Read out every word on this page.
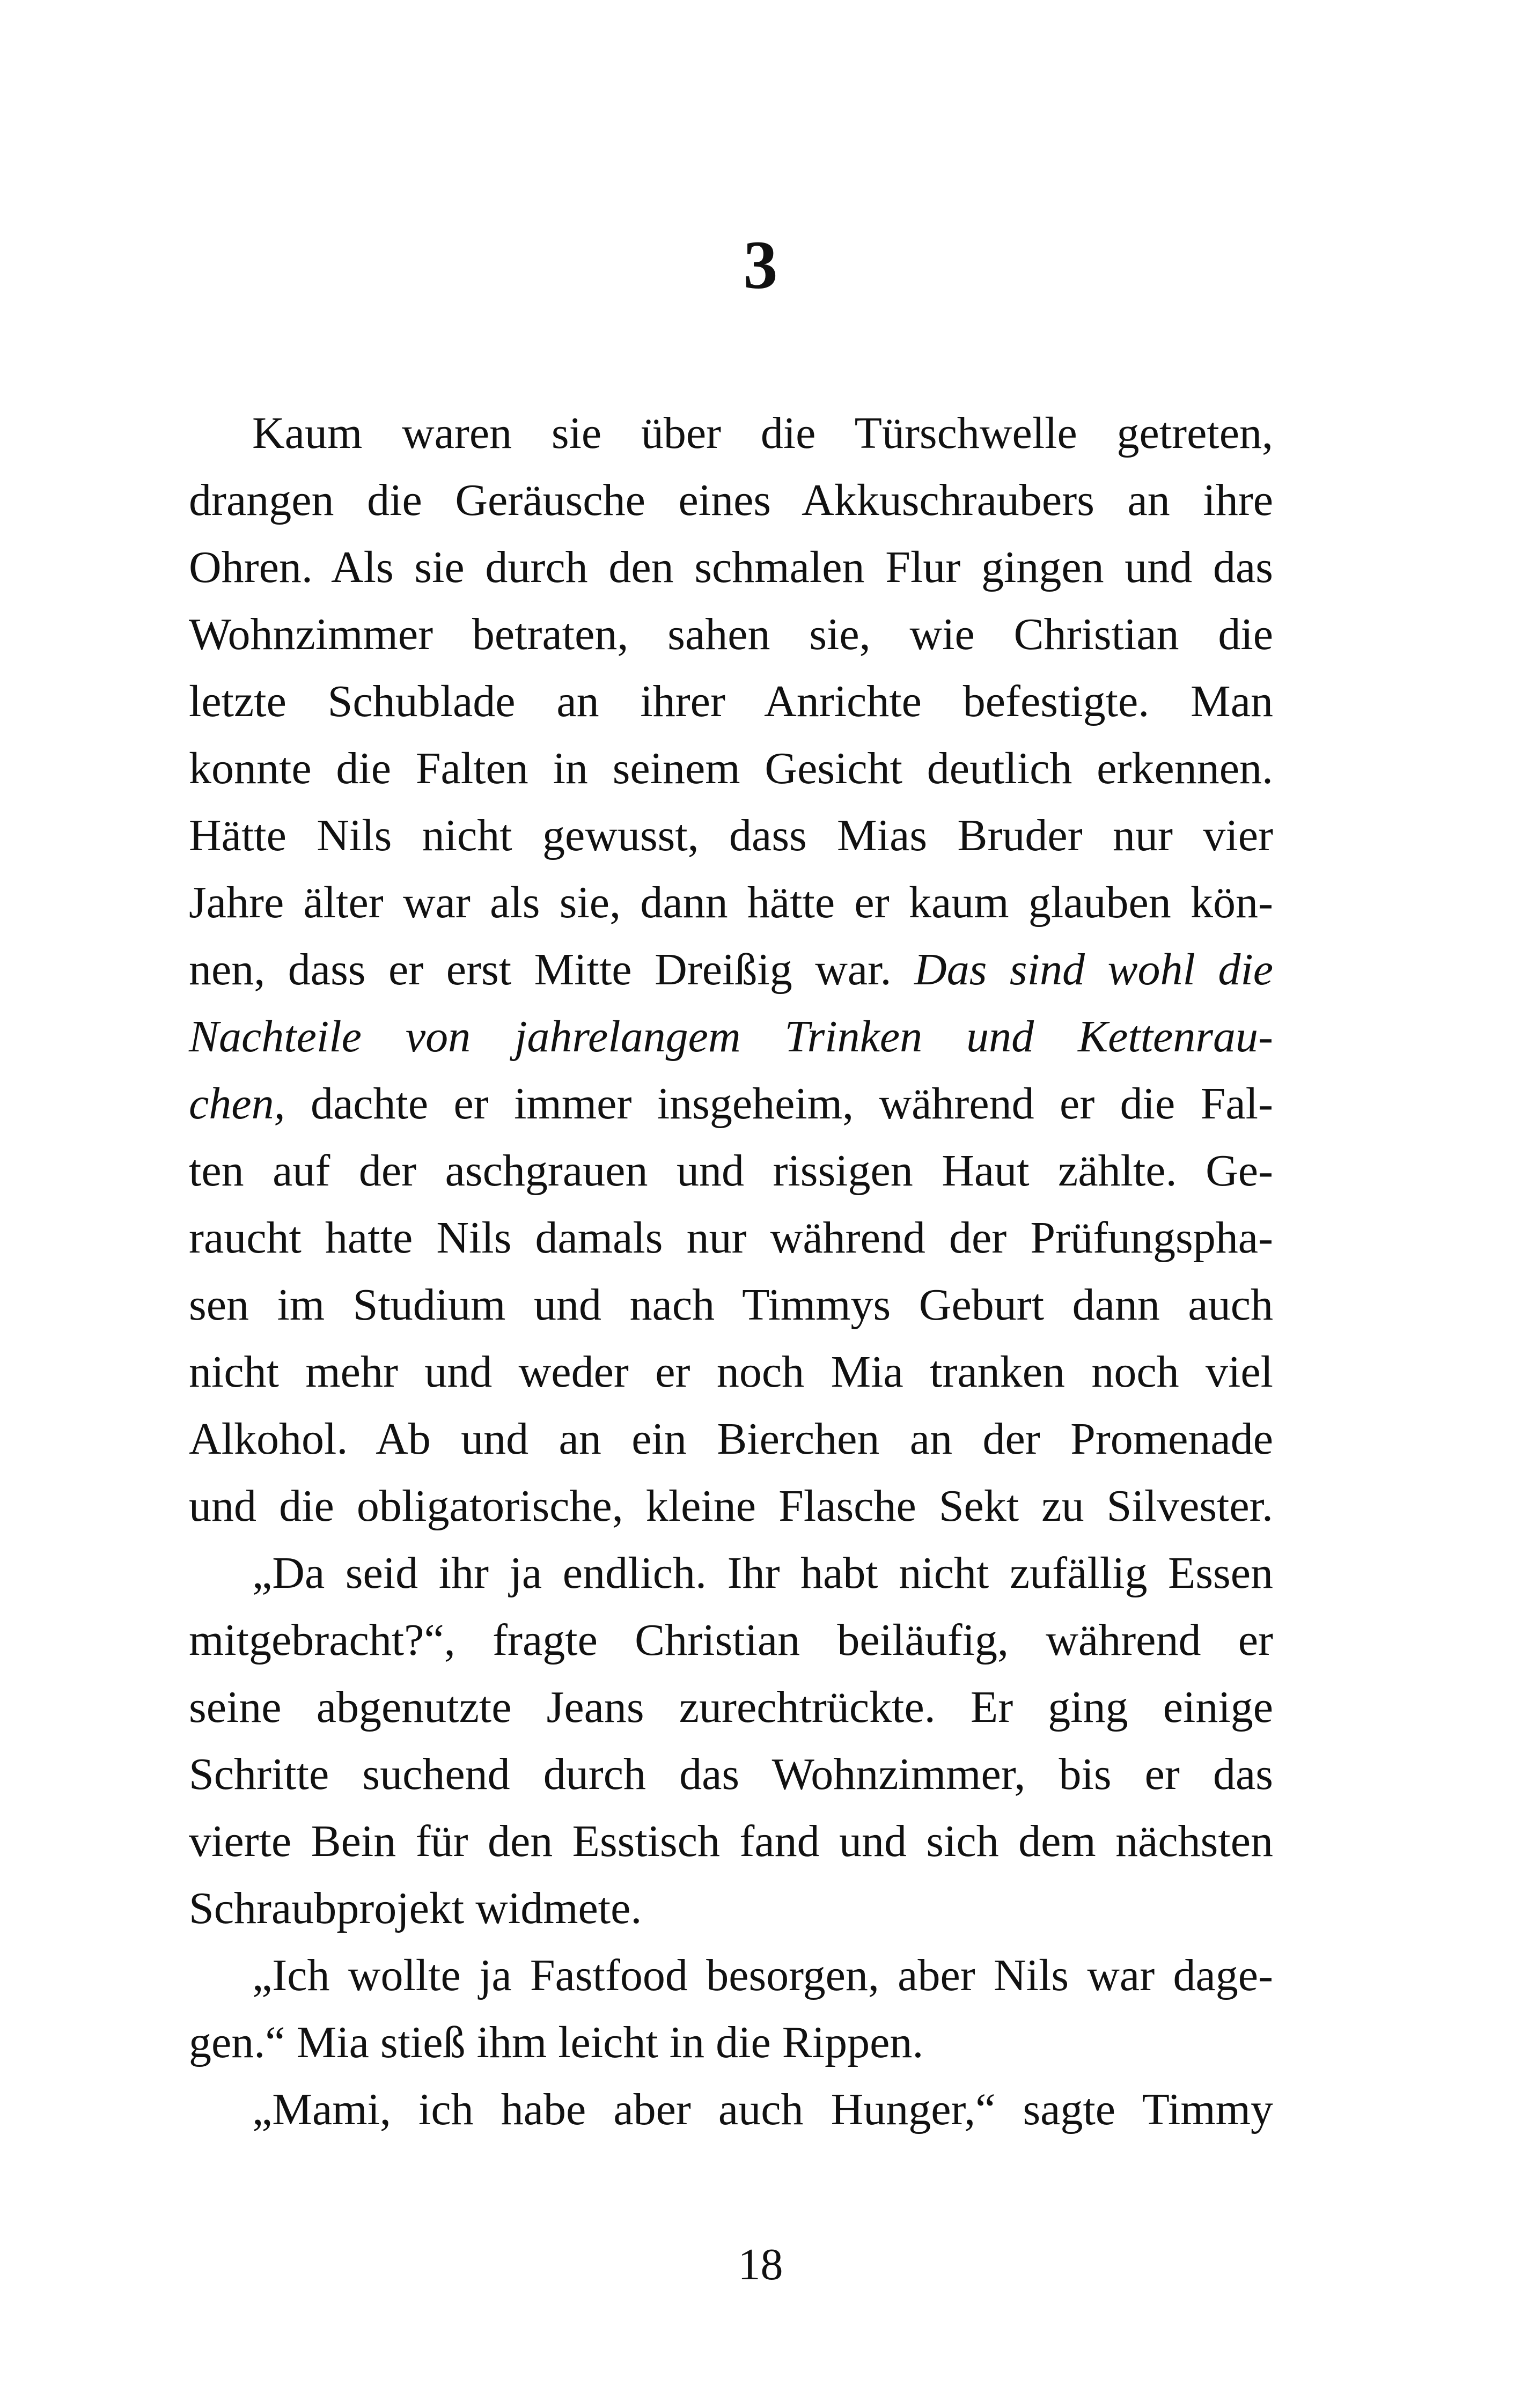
3
Kaum waren sie über die Türschwelle getreten,
drangen die Geräusche eines Akkuschraubers an ihre
Ohren. Als sie durch den schmalen Flur gingen und das
Wohnzimmer betraten, sahen sie, wie Christian die
letzte Schublade an ihrer Anrichte befestigte. Man
konnte die Falten in seinem Gesicht deutlich erkennen.
Hätte Nils nicht gewusst, dass Mias Bruder nur vier
Jahre älter war als sie, dann hätte er kaum glauben kön-
nen, dass er erst Mitte Dreißig war. Das sind wohl die
Nachteile von jahrelangem Trinken und Kettenrau-
chen, dachte er immer insgeheim, während er die Fal-
ten auf der aschgrauen und rissigen Haut zählte. Ge-
raucht hatte Nils damals nur während der Prüfungspha-
sen im Studium und nach Timmys Geburt dann auch
nicht mehr und weder er noch Mia tranken noch viel
Alkohol. Ab und an ein Bierchen an der Promenade
und die obligatorische, kleine Flasche Sekt zu Silvester.
„Da seid ihr ja endlich. Ihr habt nicht zufällig Essen
mitgebracht?“, fragte Christian beiläufig, während er
seine abgenutzte Jeans zurechtrückte. Er ging einige
Schritte suchend durch das Wohnzimmer, bis er das
vierte Bein für den Esstisch fand und sich dem nächsten
Schraubprojekt widmete.
„Ich wollte ja Fastfood besorgen, aber Nils war dage-
gen.“ Mia stieß ihm leicht in die Rippen.
„Mami, ich habe aber auch Hunger,“ sagte Timmy
18
